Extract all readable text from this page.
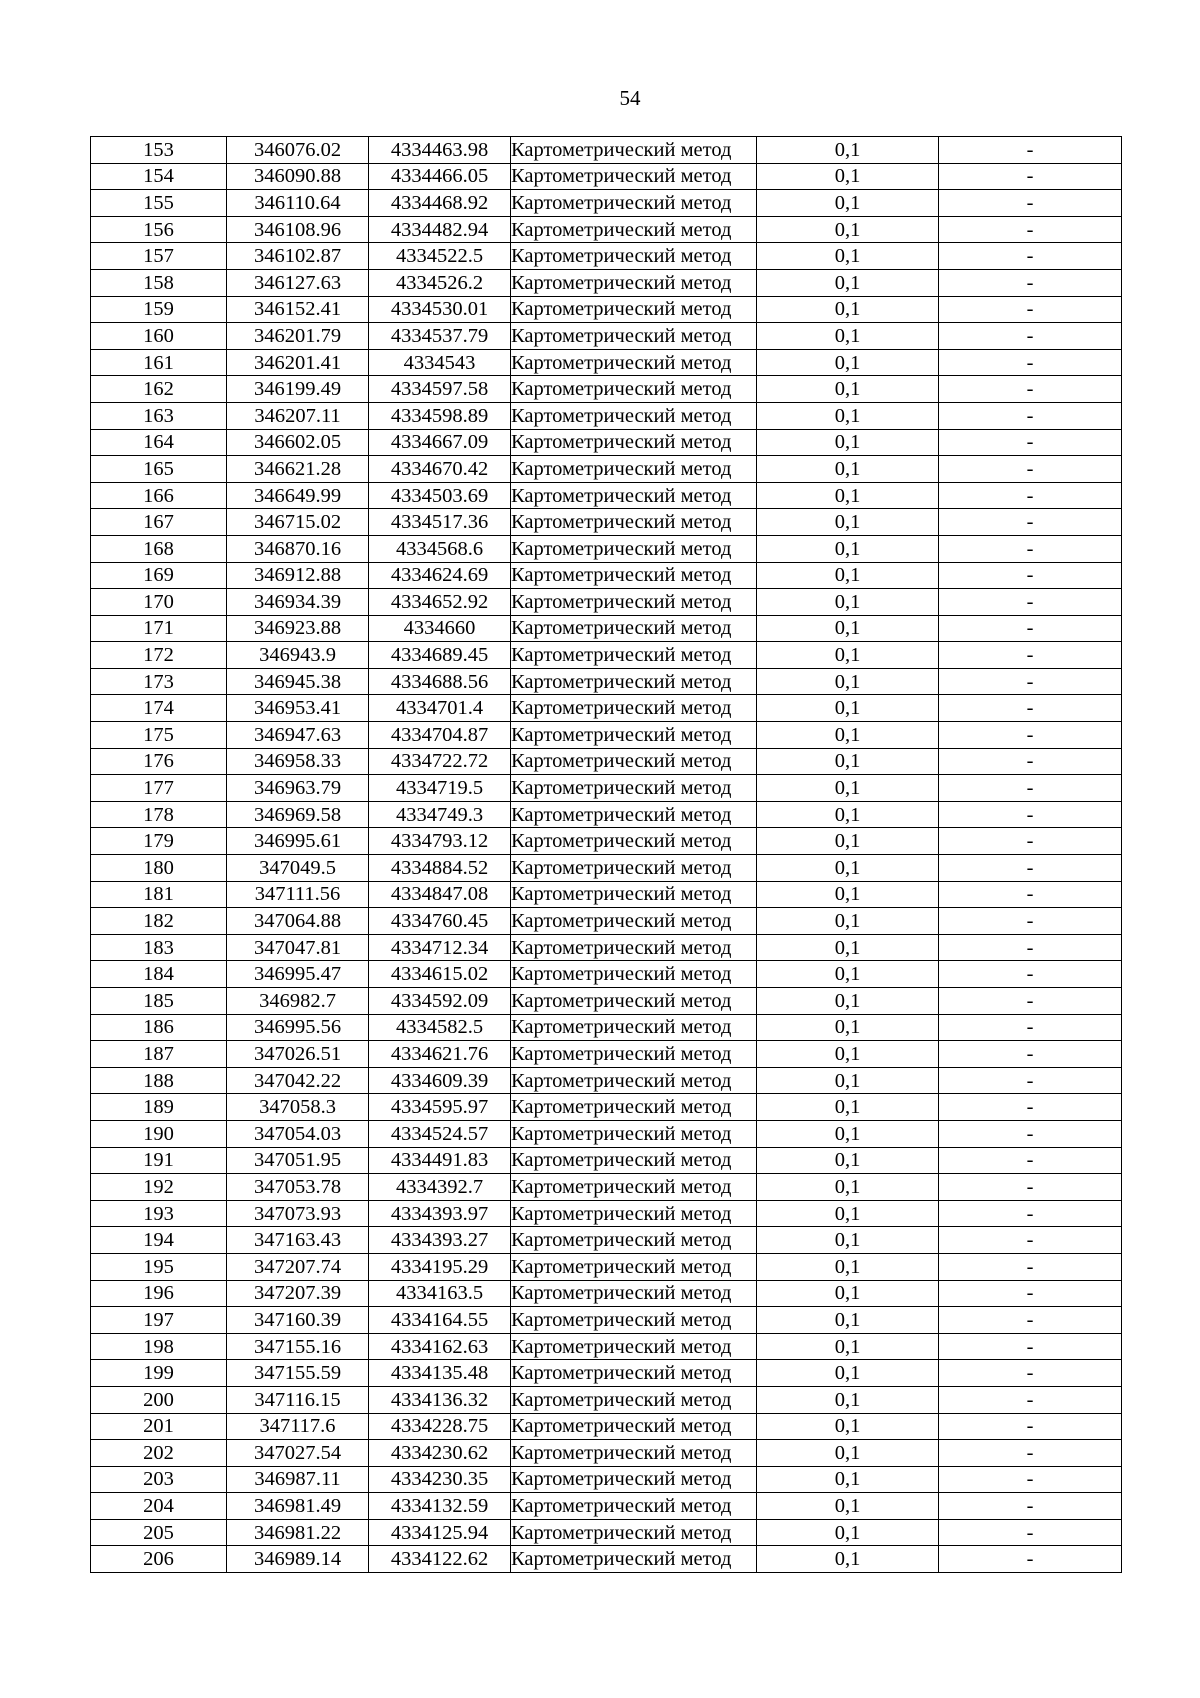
54
153	346076.02	4334463.98	Картометрический метод	0,1	-
154	346090.88	4334466.05	Картометрический метод	0,1	-
155	346110.64	4334468.92	Картометрический метод	0,1	-
156	346108.96	4334482.94	Картометрический метод	0,1	-
157	346102.87	4334522.5	Картометрический метод	0,1	-
158	346127.63	4334526.2	Картометрический метод	0,1	-
159	346152.41	4334530.01	Картометрический метод	0,1	-
160	346201.79	4334537.79	Картометрический метод	0,1	-
161	346201.41	4334543	Картометрический метод	0,1	-
162	346199.49	4334597.58	Картометрический метод	0,1	-
163	346207.11	4334598.89	Картометрический метод	0,1	-
164	346602.05	4334667.09	Картометрический метод	0,1	-
165	346621.28	4334670.42	Картометрический метод	0,1	-
166	346649.99	4334503.69	Картометрический метод	0,1	-
167	346715.02	4334517.36	Картометрический метод	0,1	-
168	346870.16	4334568.6	Картометрический метод	0,1	-
169	346912.88	4334624.69	Картометрический метод	0,1	-
170	346934.39	4334652.92	Картометрический метод	0,1	-
171	346923.88	4334660	Картометрический метод	0,1	-
172	346943.9	4334689.45	Картометрический метод	0,1	-
173	346945.38	4334688.56	Картометрический метод	0,1	-
174	346953.41	4334701.4	Картометрический метод	0,1	-
175	346947.63	4334704.87	Картометрический метод	0,1	-
176	346958.33	4334722.72	Картометрический метод	0,1	-
177	346963.79	4334719.5	Картометрический метод	0,1	-
178	346969.58	4334749.3	Картометрический метод	0,1	-
179	346995.61	4334793.12	Картометрический метод	0,1	-
180	347049.5	4334884.52	Картометрический метод	0,1	-
181	347111.56	4334847.08	Картометрический метод	0,1	-
182	347064.88	4334760.45	Картометрический метод	0,1	-
183	347047.81	4334712.34	Картометрический метод	0,1	-
184	346995.47	4334615.02	Картометрический метод	0,1	-
185	346982.7	4334592.09	Картометрический метод	0,1	-
186	346995.56	4334582.5	Картометрический метод	0,1	-
187	347026.51	4334621.76	Картометрический метод	0,1	-
188	347042.22	4334609.39	Картометрический метод	0,1	-
189	347058.3	4334595.97	Картометрический метод	0,1	-
190	347054.03	4334524.57	Картометрический метод	0,1	-
191	347051.95	4334491.83	Картометрический метод	0,1	-
192	347053.78	4334392.7	Картометрический метод	0,1	-
193	347073.93	4334393.97	Картометрический метод	0,1	-
194	347163.43	4334393.27	Картометрический метод	0,1	-
195	347207.74	4334195.29	Картометрический метод	0,1	-
196	347207.39	4334163.5	Картометрический метод	0,1	-
197	347160.39	4334164.55	Картометрический метод	0,1	-
198	347155.16	4334162.63	Картометрический метод	0,1	-
199	347155.59	4334135.48	Картометрический метод	0,1	-
200	347116.15	4334136.32	Картометрический метод	0,1	-
201	347117.6	4334228.75	Картометрический метод	0,1	-
202	347027.54	4334230.62	Картометрический метод	0,1	-
203	346987.11	4334230.35	Картометрический метод	0,1	-
204	346981.49	4334132.59	Картометрический метод	0,1	-
205	346981.22	4334125.94	Картометрический метод	0,1	-
206	346989.14	4334122.62	Картометрический метод	0,1	-
